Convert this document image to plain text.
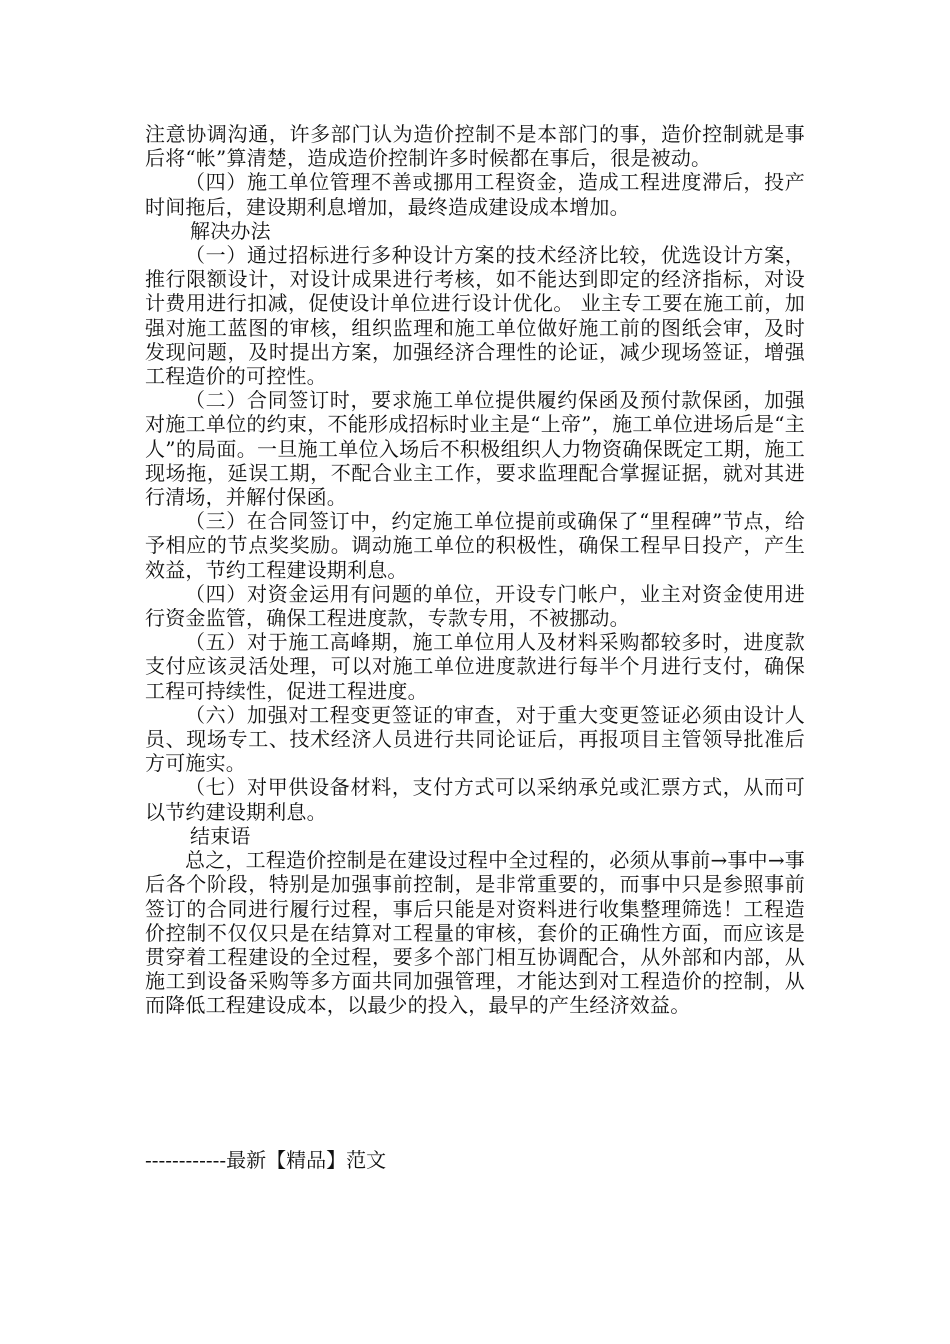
注意协调沟通，许多部门认为造价控制不是本部门的事，造价控制就是事后将“帐”算清楚，造成造价控制许多时候都在事后，很是被动。

（四）施工单位管理不善或挪用工程资金，造成工程进度滞后，投产时间拖后，建设期利息增加，最终造成建设成本增加。

解决办法

（一）通过招标进行多种设计方案的技术经济比较，优选设计方案，推行限额设计，对设计成果进行考核，如不能达到即定的经济指标，对设计费用进行扣减，促使设计单位进行设计优化。 业主专工要在施工前，加强对施工蓝图的审核，组织监理和施工单位做好施工前的图纸会审，及时发现问题，及时提出方案，加强经济合理性的论证，减少现场签证，增强工程造价的可控性。

（二）合同签订时，要求施工单位提供履约保函及预付款保函，加强对施工单位的约束，不能形成招标时业主是“上帝”，施工单位进场后是“主人”的局面。一旦施工单位入场后不积极组织人力物资确保既定工期，施工现场拖，延误工期，不配合业主工作，要求监理配合掌握证据，就对其进行清场，并解付保函。

（三）在合同签订中，约定施工单位提前或确保了“里程碑”节点，给予相应的节点奖奖励。调动施工单位的积极性，确保工程早日投产，产生效益，节约工程建设期利息。

（四）对资金运用有问题的单位，开设专门帐户，业主对资金使用进行资金监管，确保工程进度款，专款专用，不被挪动。

（五）对于施工高峰期，施工单位用人及材料采购都较多时，进度款支付应该灵活处理，可以对施工单位进度款进行每半个月进行支付，确保工程可持续性，促进工程进度。

（六）加强对工程变更签证的审查，对于重大变更签证必须由设计人员、现场专工、技术经济人员进行共同论证后，再报项目主管领导批准后方可施实。

（七）对甲供设备材料，支付方式可以采纳承兑或汇票方式，从而可以节约建设期利息。

结束语

总之，工程造价控制是在建设过程中全过程的，必须从事前→事中→事后各个阶段，特别是加强事前控制，是非常重要的，而事中只是参照事前签订的合同进行履行过程，事后只能是对资料进行收集整理筛选！工程造价控制不仅仅只是在结算对工程量的审核，套价的正确性方面，而应该是贯穿着工程建设的全过程，要多个部门相互协调配合，从外部和内部，从施工到设备采购等多方面共同加强管理，才能达到对工程造价的控制，从而降低工程建设成本，以最少的投入，最早的产生经济效益。

------------最新【精品】范文
